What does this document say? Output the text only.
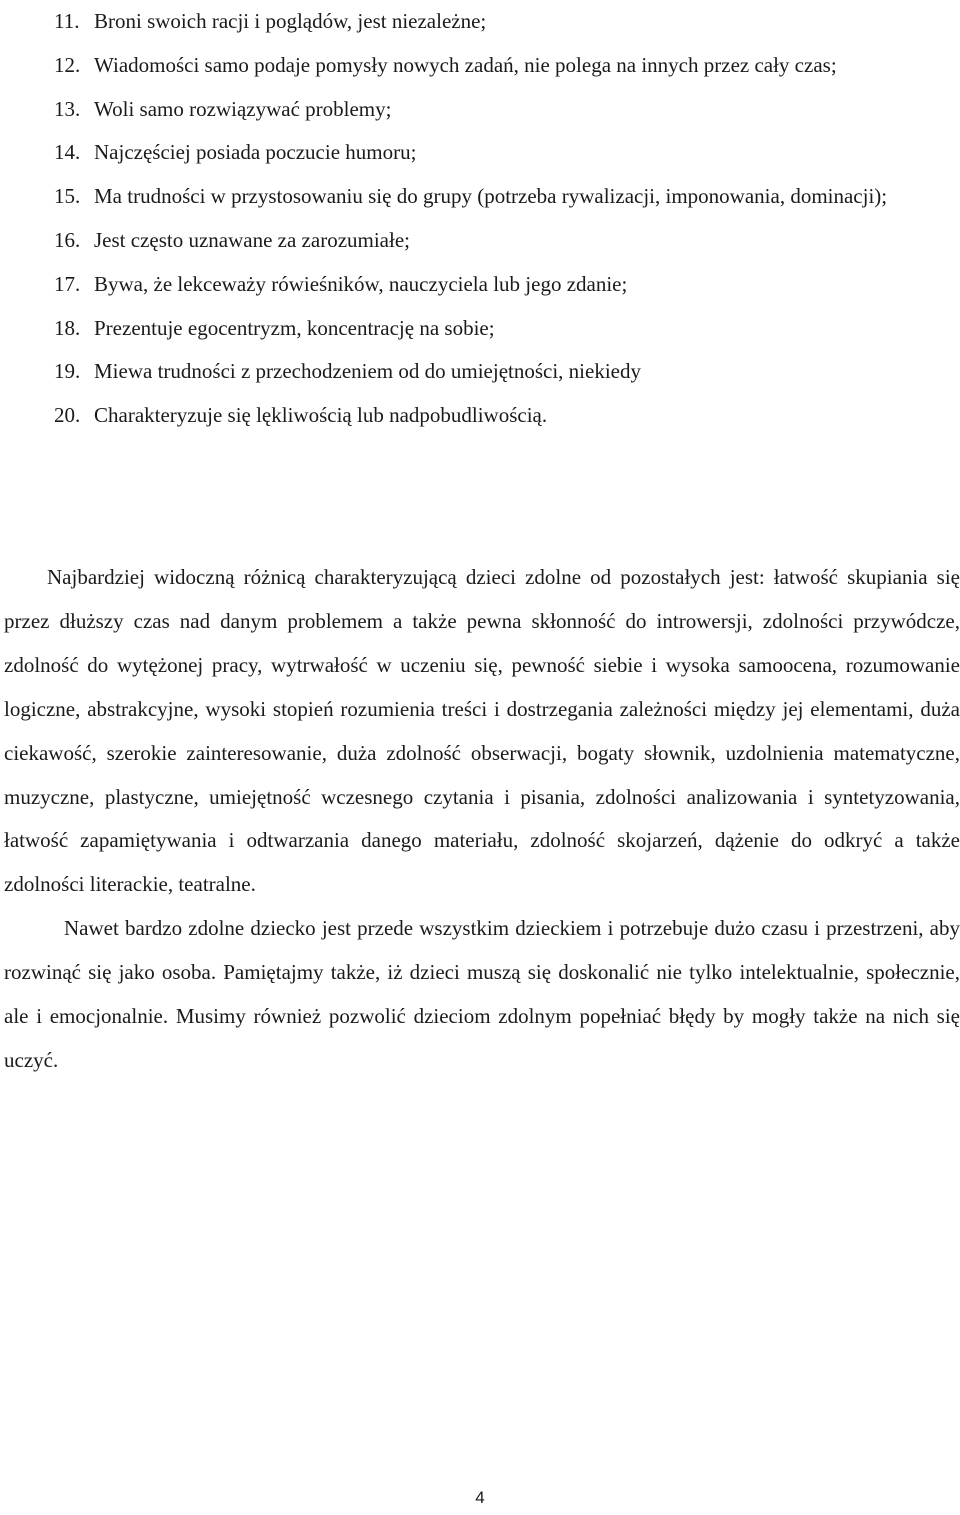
11. Broni swoich racji i poglądów, jest niezależne;
12. Wiadomości samo podaje pomysły nowych zadań, nie polega na innych przez cały czas;
13. Woli samo rozwiązywać problemy;
14. Najczęściej posiada poczucie humoru;
15. Ma trudności w przystosowaniu się do grupy (potrzeba rywalizacji, imponowania, dominacji);
16. Jest często uznawane za zarozumiałe;
17. Bywa, że lekceważy rówieśników, nauczyciela lub jego zdanie;
18. Prezentuje egocentryzm, koncentrację na sobie;
19. Miewa trudności z przechodzeniem od do umiejętności, niekiedy
20. Charakteryzuje się lękliwością lub nadpobudliwością.

Najbardziej widoczną różnicą charakteryzującą dzieci zdolne od pozostałych jest: łatwość skupiania się przez dłuższy czas nad danym problemem a także pewna skłonność do introwersji, zdolności przywódcze, zdolność do wytężonej pracy, wytrwałość w uczeniu się, pewność siebie i wysoka samoocena, rozumowanie logiczne, abstrakcyjne, wysoki stopień rozumienia treści i dostrzegania zależności między jej elementami, duża ciekawość, szerokie zainteresowanie, duża zdolność obserwacji, bogaty słownik, uzdolnienia matematyczne, muzyczne, plastyczne, umiejętność wczesnego czytania i pisania, zdolności analizowania i syntetyzowania, łatwość zapamiętywania i odtwarzania danego materiału, zdolność skojarzeń, dążenie do odkryć a także zdolności literackie, teatralne.

Nawet bardzo zdolne dziecko jest przede wszystkim dzieckiem i potrzebuje dużo czasu i przestrzeni, aby rozwinąć się jako osoba. Pamiętajmy także, iż dzieci muszą się doskonalić nie tylko intelektualnie, społecznie, ale i emocjonalnie. Musimy również pozwolić dzieciom zdolnym popełniać błędy by mogły także na nich się uczyć.

4
